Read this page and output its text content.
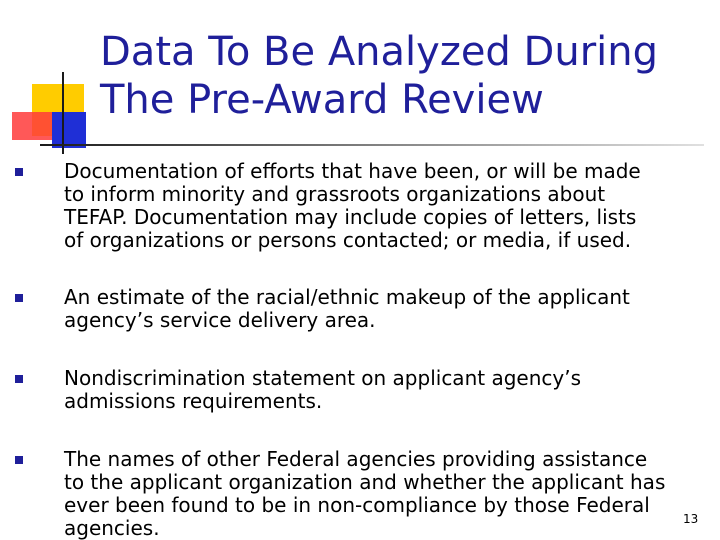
Data To Be Analyzed During
The Pre-Award Review

Documentation of efforts that have been, or will be made
to inform minority and grassroots organizations about
TEFAP. Documentation may include copies of letters, lists
of organizations or persons contacted; or media, if used.

An estimate of the racial/ethnic makeup of the applicant
agency’s service delivery area.

Nondiscrimination statement on applicant agency’s
admissions requirements.

The names of other Federal agencies providing assistance
to the applicant organization and whether the applicant has
ever been found to be in non-compliance by those Federal
agencies.	13
